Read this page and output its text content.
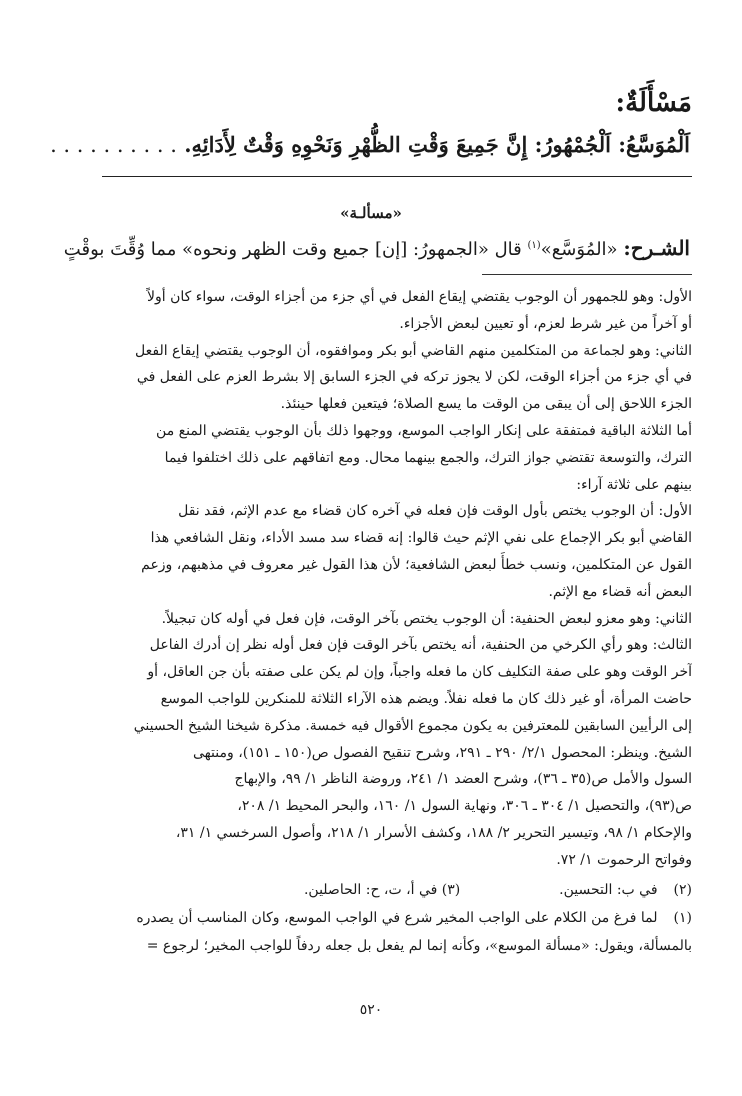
مَسْأَلَةٌ:
اَلْمُوَسَّعُ: اَلْجُمْهُورُ: إِنَّ جَمِيعَ وَقْتِ الظُّهْرِ وَنَحْوِهِ وَقْتٌ لِأَدَائِهِ. . . . . . . . . . .
«مسألـة»
الشـرح: «المُوَسَّع»$^{(١)}$ قال «الجمهورُ: [إن] جميع وقت الظهر ونحوه» مما وُقِّتَ بوقْتٍ
الأول: وهو للجمهور أن الوجوب يقتضي إيقاع الفعل في أي جزء من أجزاء الوقت، سواء كان أولاً
أو آخراً من غير شرط لعزم، أو تعيين لبعض الأجزاء.
الثاني: وهو لجماعة من المتكلمين منهم القاضي أبو بكر وموافقوه، أن الوجوب يقتضي إيقاع الفعل
في أي جزء من أجزاء الوقت، لكن لا يجوز تركه في الجزء السابق إلا بشرط العزم على الفعل في
الجزء اللاحق إلى أن يبقى من الوقت ما يسع الصلاة؛ فيتعين فعلها حينئذ.
أما الثلاثة الباقية فمتفقة على إنكار الواجب الموسع، ووجهوا ذلك بأن الوجوب يقتضي المنع من
الترك، والتوسعة تقتضي جواز الترك، والجمع بينهما محال. ومع اتفاقهم على ذلك اختلفوا فيما
بينهم على ثلاثة آراء:
الأول: أن الوجوب يختص بأول الوقت فإن فعله في آخره كان قضاء مع عدم الإثم، فقد نقل
القاضي أبو بكر الإجماع على نفي الإثم حيث قالوا: إنه قضاء سد مسد الأداء، ونقل الشافعي هذا
القول عن المتكلمين، ونسب خطأً لبعض الشافعية؛ لأن هذا القول غير معروف في مذهبهم، وزعم
البعض أنه قضاء مع الإثم.
الثاني: وهو معزو لبعض الحنفية: أن الوجوب يختص بآخر الوقت، فإن فعل في أوله كان تبجيلاً.
الثالث: وهو رأي الكرخي من الحنفية، أنه يختص بآخر الوقت فإن فعل أوله نظر إن أدرك الفاعل
آخر الوقت وهو على صفة التكليف كان ما فعله واجباً، وإن لم يكن على صفته بأن جن العاقل، أو
حاضت المرأة، أو غير ذلك كان ما فعله نفلاً. ويضم هذه الآراء الثلاثة للمنكرين للواجب الموسع
إلى الرأيين السابقين للمعترفين به يكون مجموع الأقوال فيه خمسة. مذكرة شيخنا الشيخ الحسيني
الشيخ. وينظر: المحصول ٢/١/ ٢٩٠ ـ ٢٩١، وشرح تنقيح الفصول ص(١٥٠ ـ ١٥١)، ومنتهى
السول والأمل ص(٣٥ ـ ٣٦)، وشرح العضد ١/ ٢٤١، وروضة الناظر ١/ ٩٩، والإبهاج
ص(٩٣)، والتحصيل ١/ ٣٠٤ ـ ٣٠٦، ونهاية السول ١/ ١٦٠، والبحر المحيط ١/ ٢٠٨،
والإحكام ١/ ٩٨، وتيسير التحرير ٢/ ١٨٨، وكشف الأسرار ١/ ٢١٨، وأصول السرخسي ١/ ٣١،
وفواتح الرحموت ١/ ٧٢.
(٢) في ب: التحسين.  (٣) في أ، ت، ح: الحاصلين.
(١) لما فرغ من الكلام على الواجب المخير شرع في الواجب الموسع، وكان المناسب أن يصدره
بالمسألة، ويقول: «مسألة الموسع»، وكأنه إنما لم يفعل بل جعله ردفاً للواجب المخير؛ لرجوع =
٥٢٠
